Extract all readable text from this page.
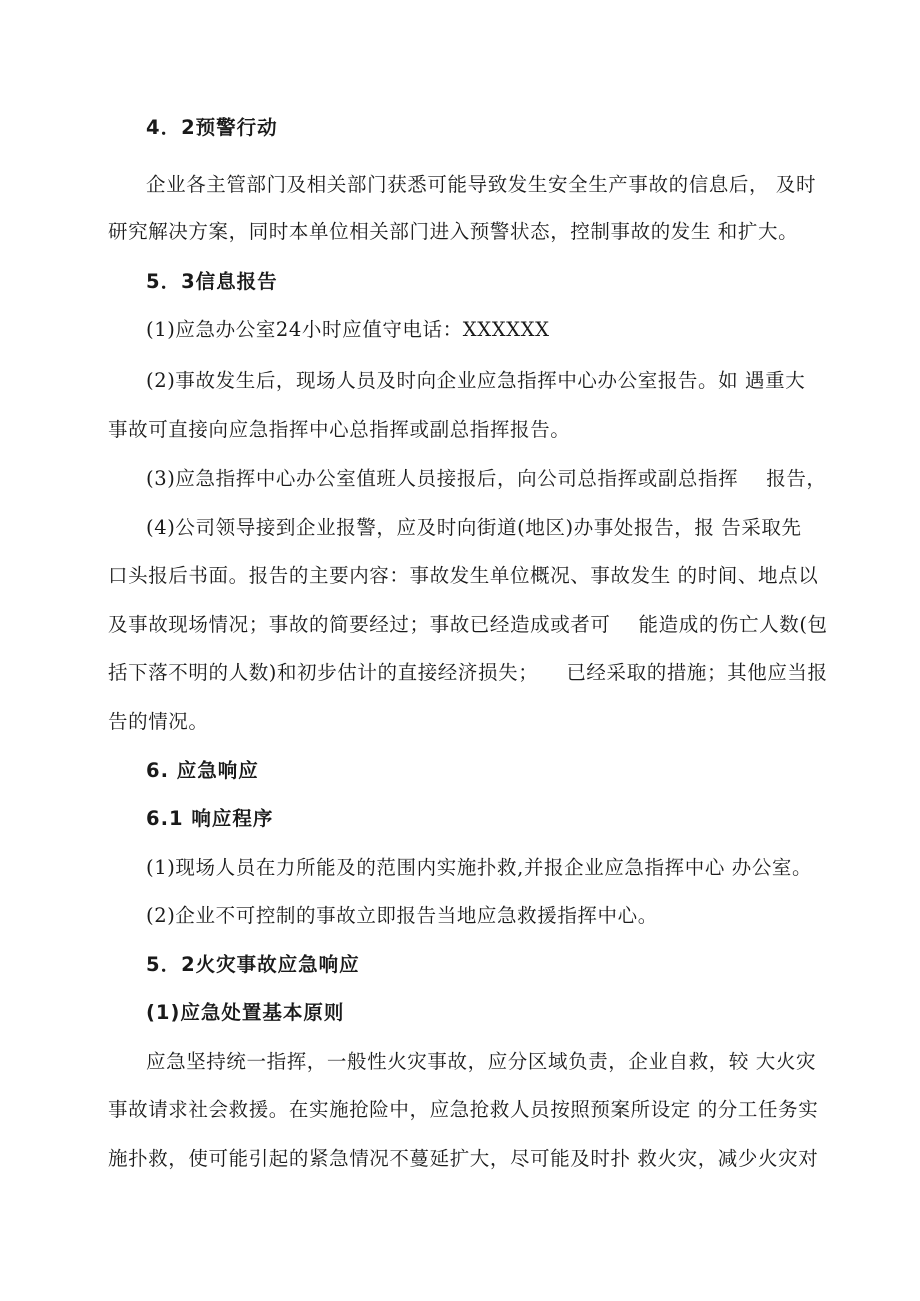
4．2预警行动
企业各主管部门及相关部门获悉可能导致发生安全生产事故的信息后， 及时
研究解决方案，同时本单位相关部门进入预警状态，控制事故的发生 和扩大。
5．3信息报告
(1)应急办公室24小时应值守电话：XXXXXX
(2)事故发生后，现场人员及时向企业应急指挥中心办公室报告。如 遇重大
事故可直接向应急指挥中心总指挥或副总指挥报告。
(3)应急指挥中心办公室值班人员接报后，向公司总指挥或副总指挥 报告，
(4)公司领导接到企业报警，应及时向街道(地区)办事处报告，报 告采取先
口头报后书面。报告的主要内容：事故发生单位概况、事故发生 的时间、地点以
及事故现场情况；事故的简要经过；事故已经造成或者可 能造成的伤亡人数(包
括下落不明的人数)和初步估计的直接经济损失； 已经采取的措施；其他应当报
告的情况。
6. 应急响应
6.1 响应程序
(1)现场人员在力所能及的范围内实施扑救,并报企业应急指挥中心 办公室。
(2)企业不可控制的事故立即报告当地应急救援指挥中心。
5．2火灾事故应急响应
(1)应急处置基本原则
应急坚持统一指挥，一般性火灾事故，应分区域负责，企业自救，较 大火灾
事故请求社会救援。在实施抢险中，应急抢救人员按照预案所设定 的分工任务实
施扑救，使可能引起的紧急情况不蔓延扩大，尽可能及时扑 救火灾，减少火灾对
